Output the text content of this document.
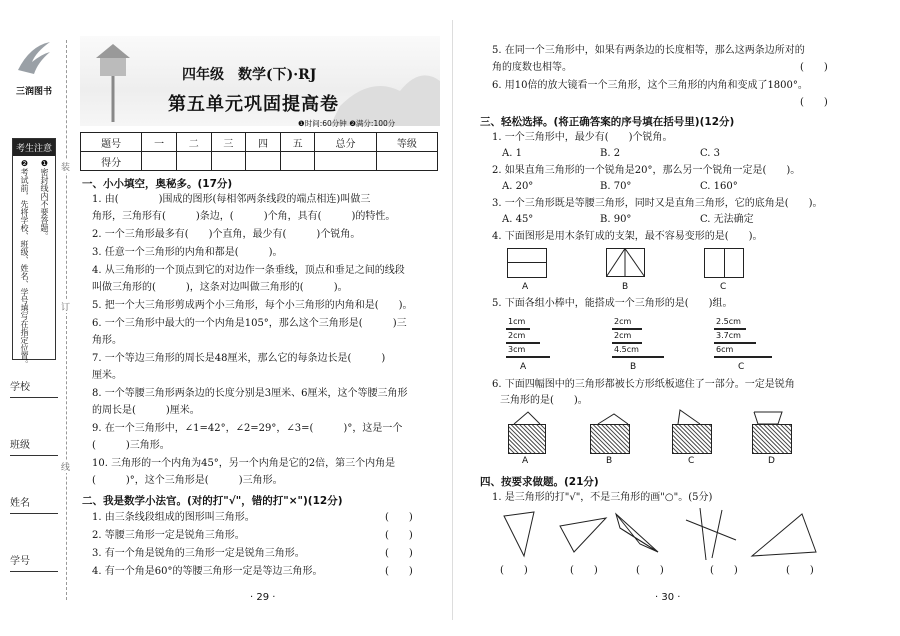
三润图书
考生注意
❶密封线内不要答题。
❷考试前，先将学校、班级、姓名、学号填写在指定位置。
学校
班级
姓名
学号
装
订
线
四年级　数学(下)·RJ
第五单元巩固提高卷
❶时间:60分钟 ❷满分:100分
题号	一	二	三	四	五	总分	等级
得分							
一、小小填空，奥秘多。(17分)
1. 由(　　　　)围成的图形(每相邻两条线段的端点相连)叫做三
角形，三角形有(　　　)条边，(　　　)个角，具有(　　　)的特性。
2. 一个三角形最多有(　　)个直角，最少有(　　　)个锐角。
3. 任意一个三角形的内角和都是(　　　)。
4. 从三角形的一个顶点到它的对边作一条垂线，顶点和垂足之间的线段
叫做三角形的(　　　)，这条对边叫做三角形的(　　　)。
5. 把一个大三角形剪成两个小三角形，每个小三角形的内角和是(　　)。
6. 一个三角形中最大的一个内角是105°，那么这个三角形是(　　　)三
角形。
7. 一个等边三角形的周长是48厘米，那么它的每条边长是(　　　)
厘米。
8. 一个等腰三角形两条边的长度分别是3厘米、6厘米，这个等腰三角形
的周长是(　　　)厘米。
9. 在一个三角形中，∠1=42°，∠2=29°，∠3=(　　　)°，这是一个
(　　　)三角形。
10. 三角形的一个内角为45°，另一个内角是它的2倍，第三个内角是
(　　　)°，这个三角形是(　　　)三角形。
二、我是数学小法官。(对的打"√"，错的打"×")(12分)
1. 由三条线段组成的图形叫三角形。	(　　)
2. 等腰三角形一定是锐角三角形。	(　　)
3. 有一个角是锐角的三角形一定是锐角三角形。	(　　)
4. 有一个角是60°的等腰三角形一定是等边三角形。	(　　)
· 29 ·
5. 在同一个三角形中，如果有两条边的长度相等，那么这两条边所对的
角的度数也相等。	(　　)
6. 用10倍的放大镜看一个三角形，这个三角形的内角和变成了1800°。
(　　)
三、轻松选择。(将正确答案的序号填在括号里)(12分)
1. 一个三角形中，最少有(　　)个锐角。
A. 1	B. 2	C. 3
2. 如果直角三角形的一个锐角是20°，那么另一个锐角一定是(　　)。
A. 20°	B. 70°	C. 160°
3. 一个三角形既是等腰三角形，同时又是直角三角形，它的底角是(　　)。
A. 45°	B. 90°	C. 无法确定
4. 下面图形是用木条钉成的支架，最不容易变形的是(　　)。
A	B	C
5. 下面各组小棒中，能搭成一个三角形的是(　　)组。
1cm
2cm
3cm
2cm
2cm
4.5cm
2.5cm
3.7cm
6cm
A	B	C
6. 下面四幅图中的三角形都被长方形纸板遮住了一部分。一定是锐角
三角形的是(　　)。
A	B	C	D
四、按要求做题。(21分)
1. 是三角形的打"√"，不是三角形的画"○"。(5分)
(　　)	(　　)	(　　)	(　　)	(　　)
· 30 ·
